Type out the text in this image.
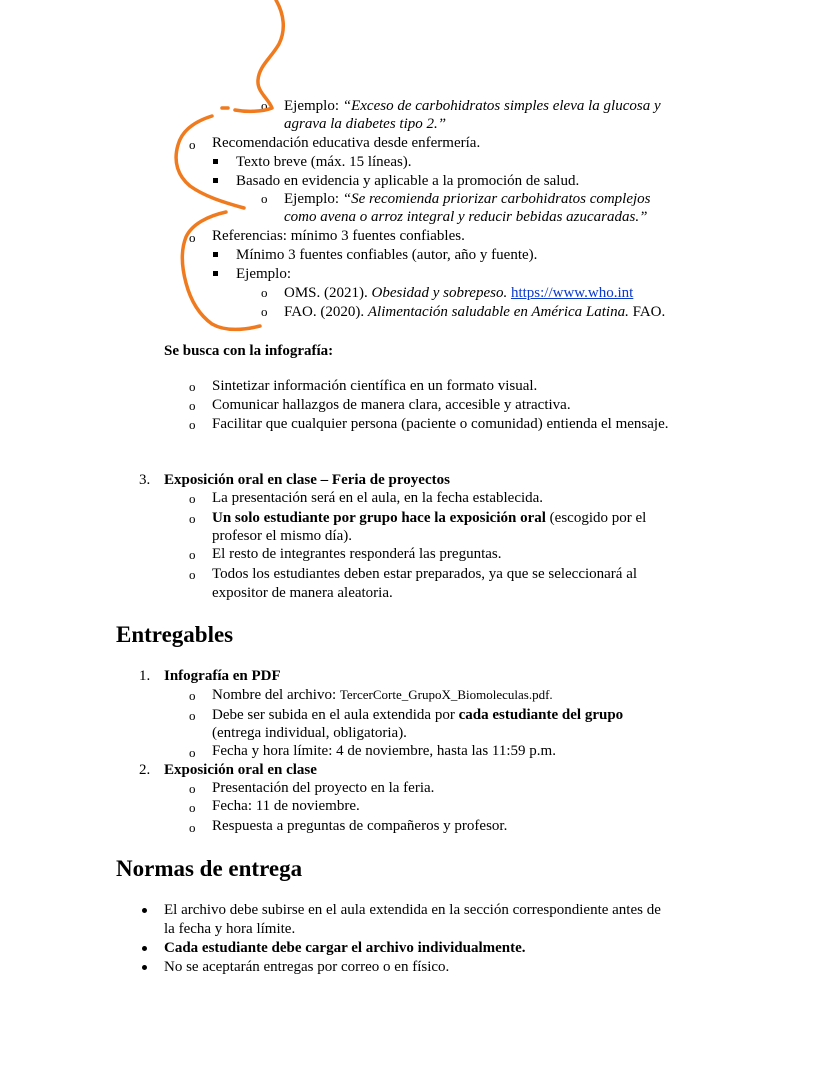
o Ejemplo: “Exceso de carbohidratos simples eleva la glucosa y
agrava la diabetes tipo 2.”
o Recomendación educativa desde enfermería.
Texto breve (máx. 15 líneas).
Basado en evidencia y aplicable a la promoción de salud.
o Ejemplo: “Se recomienda priorizar carbohidratos complejos
como avena o arroz integral y reducir bebidas azucaradas.”
o Referencias: mínimo 3 fuentes confiables.
Mínimo 3 fuentes confiables (autor, año y fuente).
Ejemplo:
o OMS. (2021). Obesidad y sobrepeso. https://www.who.int
o FAO. (2020). Alimentación saludable en América Latina. FAO.
Se busca con la infografía:
o Sintetizar información científica en un formato visual.
o Comunicar hallazgos de manera clara, accesible y atractiva.
o Facilitar que cualquier persona (paciente o comunidad) entienda el mensaje.
3. Exposición oral en clase – Feria de proyectos
o La presentación será en el aula, en la fecha establecida.
o Un solo estudiante por grupo hace la exposición oral (escogido por el
profesor el mismo día).
o El resto de integrantes responderá las preguntas.
o Todos los estudiantes deben estar preparados, ya que se seleccionará al
expositor de manera aleatoria.
Entregables
1. Infografía en PDF
o Nombre del archivo: TercerCorte_GrupoX_Biomoleculas.pdf.
o Debe ser subida en el aula extendida por cada estudiante del grupo
(entrega individual, obligatoria).
o Fecha y hora límite: 4 de noviembre, hasta las 11:59 p.m.
2. Exposición oral en clase
o Presentación del proyecto en la feria.
o Fecha: 11 de noviembre.
o Respuesta a preguntas de compañeros y profesor.
Normas de entrega
El archivo debe subirse en el aula extendida en la sección correspondiente antes de
la fecha y hora límite.
Cada estudiante debe cargar el archivo individualmente.
No se aceptarán entregas por correo o en físico.
